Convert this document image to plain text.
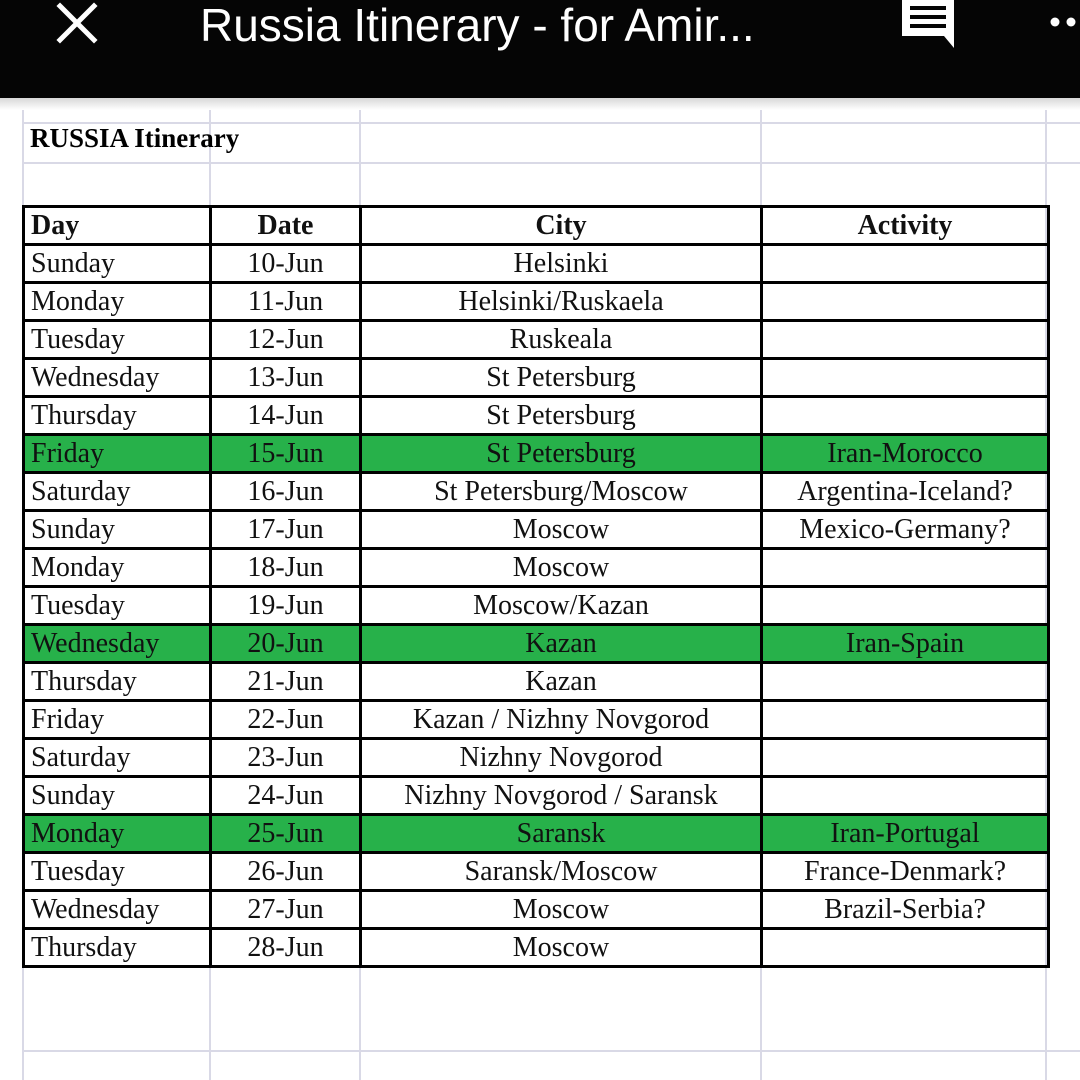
Russia Itinerary - for Amir...
RUSSIA Itinerary
Day	Date	City	Activity
Sunday	10-Jun	Helsinki	
Monday	11-Jun	Helsinki/Ruskaela	
Tuesday	12-Jun	Ruskeala	
Wednesday	13-Jun	St Petersburg	
Thursday	14-Jun	St Petersburg	
Friday	15-Jun	St Petersburg	Iran-Morocco
Saturday	16-Jun	St Petersburg/Moscow	Argentina-Iceland?
Sunday	17-Jun	Moscow	Mexico-Germany?
Monday	18-Jun	Moscow	
Tuesday	19-Jun	Moscow/Kazan	
Wednesday	20-Jun	Kazan	Iran-Spain
Thursday	21-Jun	Kazan	
Friday	22-Jun	Kazan / Nizhny Novgorod	
Saturday	23-Jun	Nizhny Novgorod	
Sunday	24-Jun	Nizhny Novgorod / Saransk	
Monday	25-Jun	Saransk	Iran-Portugal
Tuesday	26-Jun	Saransk/Moscow	France-Denmark?
Wednesday	27-Jun	Moscow	Brazil-Serbia?
Thursday	28-Jun	Moscow	
